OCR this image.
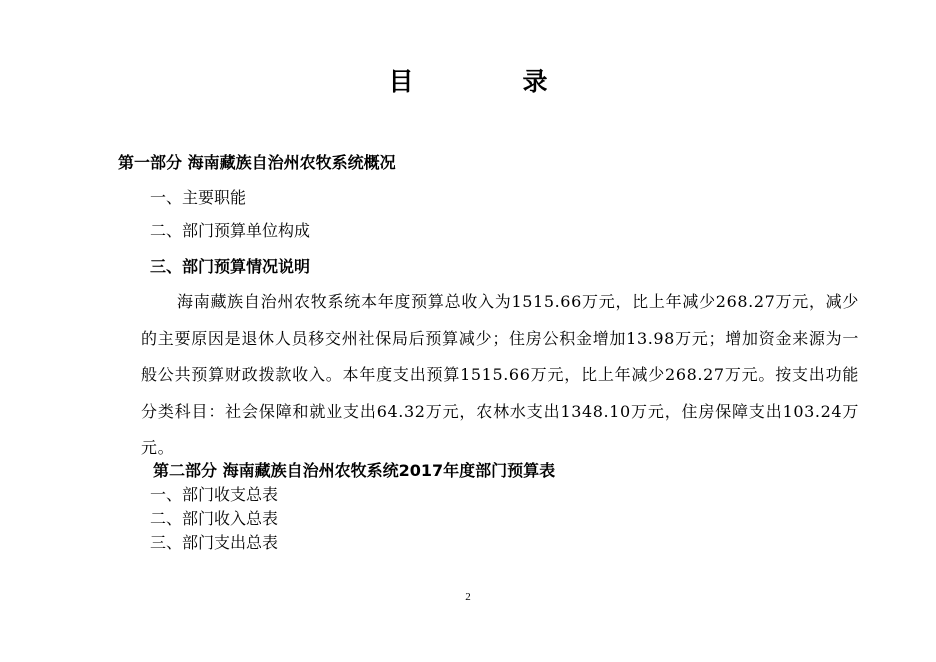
目　录
第一部分 海南藏族自治州农牧系统概况
一、主要职能
二、部门预算单位构成
三、部门预算情况说明
海南藏族自治州农牧系统本年度预算总收入为1515.66万元，比上年减少268.27万元，减少的主要原因是退休人员移交州社保局后预算减少；住房公积金增加13.98万元；增加资金来源为一般公共预算财政拨款收入。本年度支出预算1515.66万元，比上年减少268.27万元。按支出功能分类科目：社会保障和就业支出64.32万元，农林水支出1348.10万元，住房保障支出103.24万元。
第二部分 海南藏族自治州农牧系统2017年度部门预算表
一、部门收支总表
二、部门收入总表
三、部门支出总表
2
